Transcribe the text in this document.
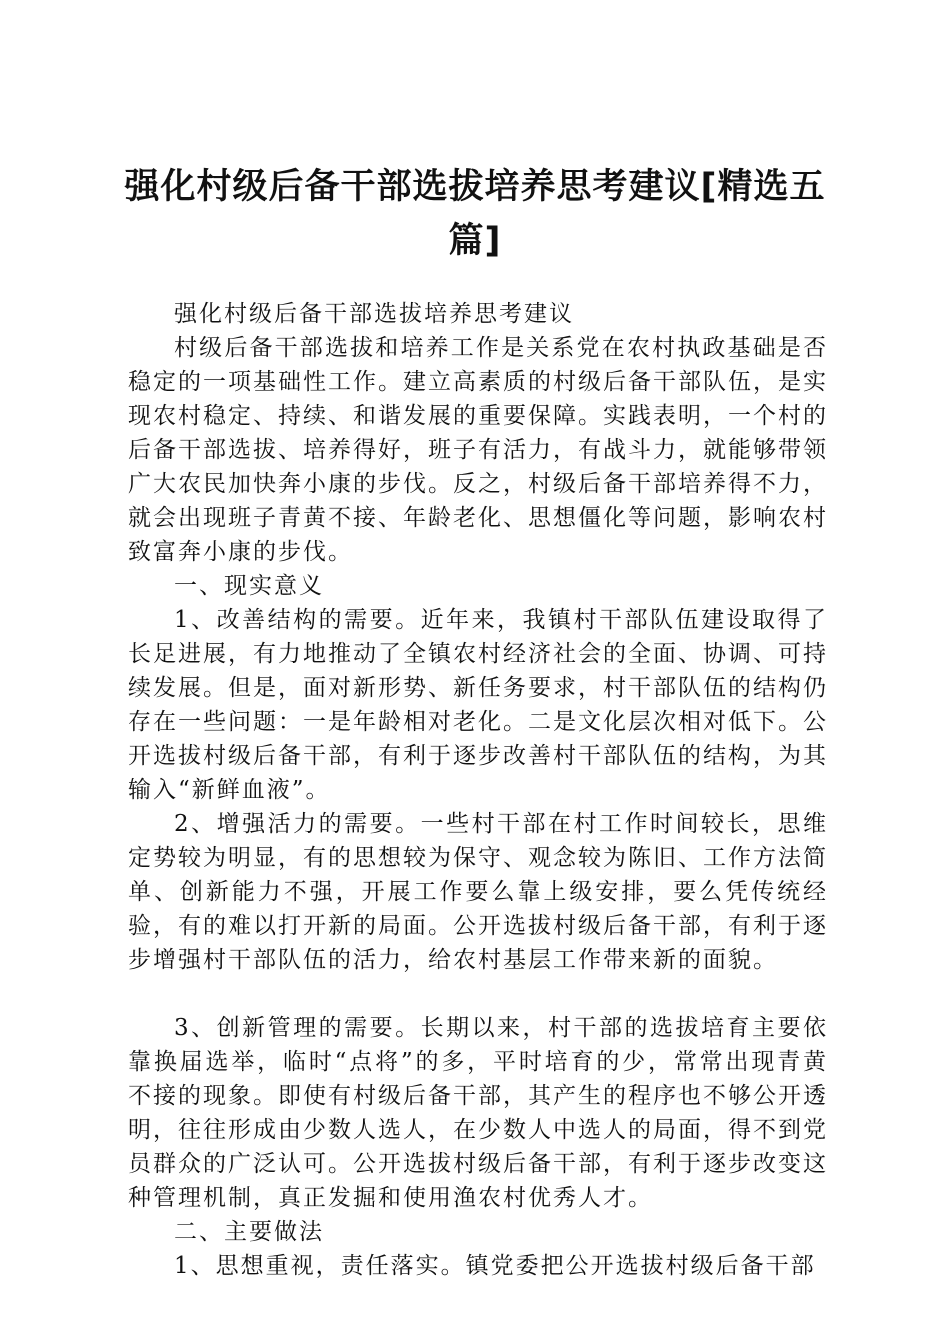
强化村级后备干部选拔培养思考建议[精选五篇]

强化村级后备干部选拔培养思考建议

村级后备干部选拔和培养工作是关系党在农村执政基础是否稳定的一项基础性工作。建立高素质的村级后备干部队伍，是实现农村稳定、持续、和谐发展的重要保障。实践表明，一个村的后备干部选拔、培养得好，班子有活力，有战斗力，就能够带领广大农民加快奔小康的步伐。反之，村级后备干部培养得不力，就会出现班子青黄不接、年龄老化、思想僵化等问题，影响农村致富奔小康的步伐。

一、现实意义

1、改善结构的需要。近年来，我镇村干部队伍建设取得了长足进展，有力地推动了全镇农村经济社会的全面、协调、可持续发展。但是，面对新形势、新任务要求，村干部队伍的结构仍存在一些问题：一是年龄相对老化。二是文化层次相对低下。公开选拔村级后备干部，有利于逐步改善村干部队伍的结构，为其输入“新鲜血液”。

2、增强活力的需要。一些村干部在村工作时间较长，思维定势较为明显，有的思想较为保守、观念较为陈旧、工作方法简单、创新能力不强，开展工作要么靠上级安排，要么凭传统经验，有的难以打开新的局面。公开选拔村级后备干部，有利于逐步增强村干部队伍的活力，给农村基层工作带来新的面貌。

3、创新管理的需要。长期以来，村干部的选拔培育主要依靠换届选举，临时“点将”的多，平时培育的少，常常出现青黄不接的现象。即使有村级后备干部，其产生的程序也不够公开透明，往往形成由少数人选人，在少数人中选人的局面，得不到党员群众的广泛认可。公开选拔村级后备干部，有利于逐步改变这种管理机制，真正发掘和使用渔农村优秀人才。

二、主要做法

1、思想重视，责任落实。镇党委把公开选拔村级后备干部
